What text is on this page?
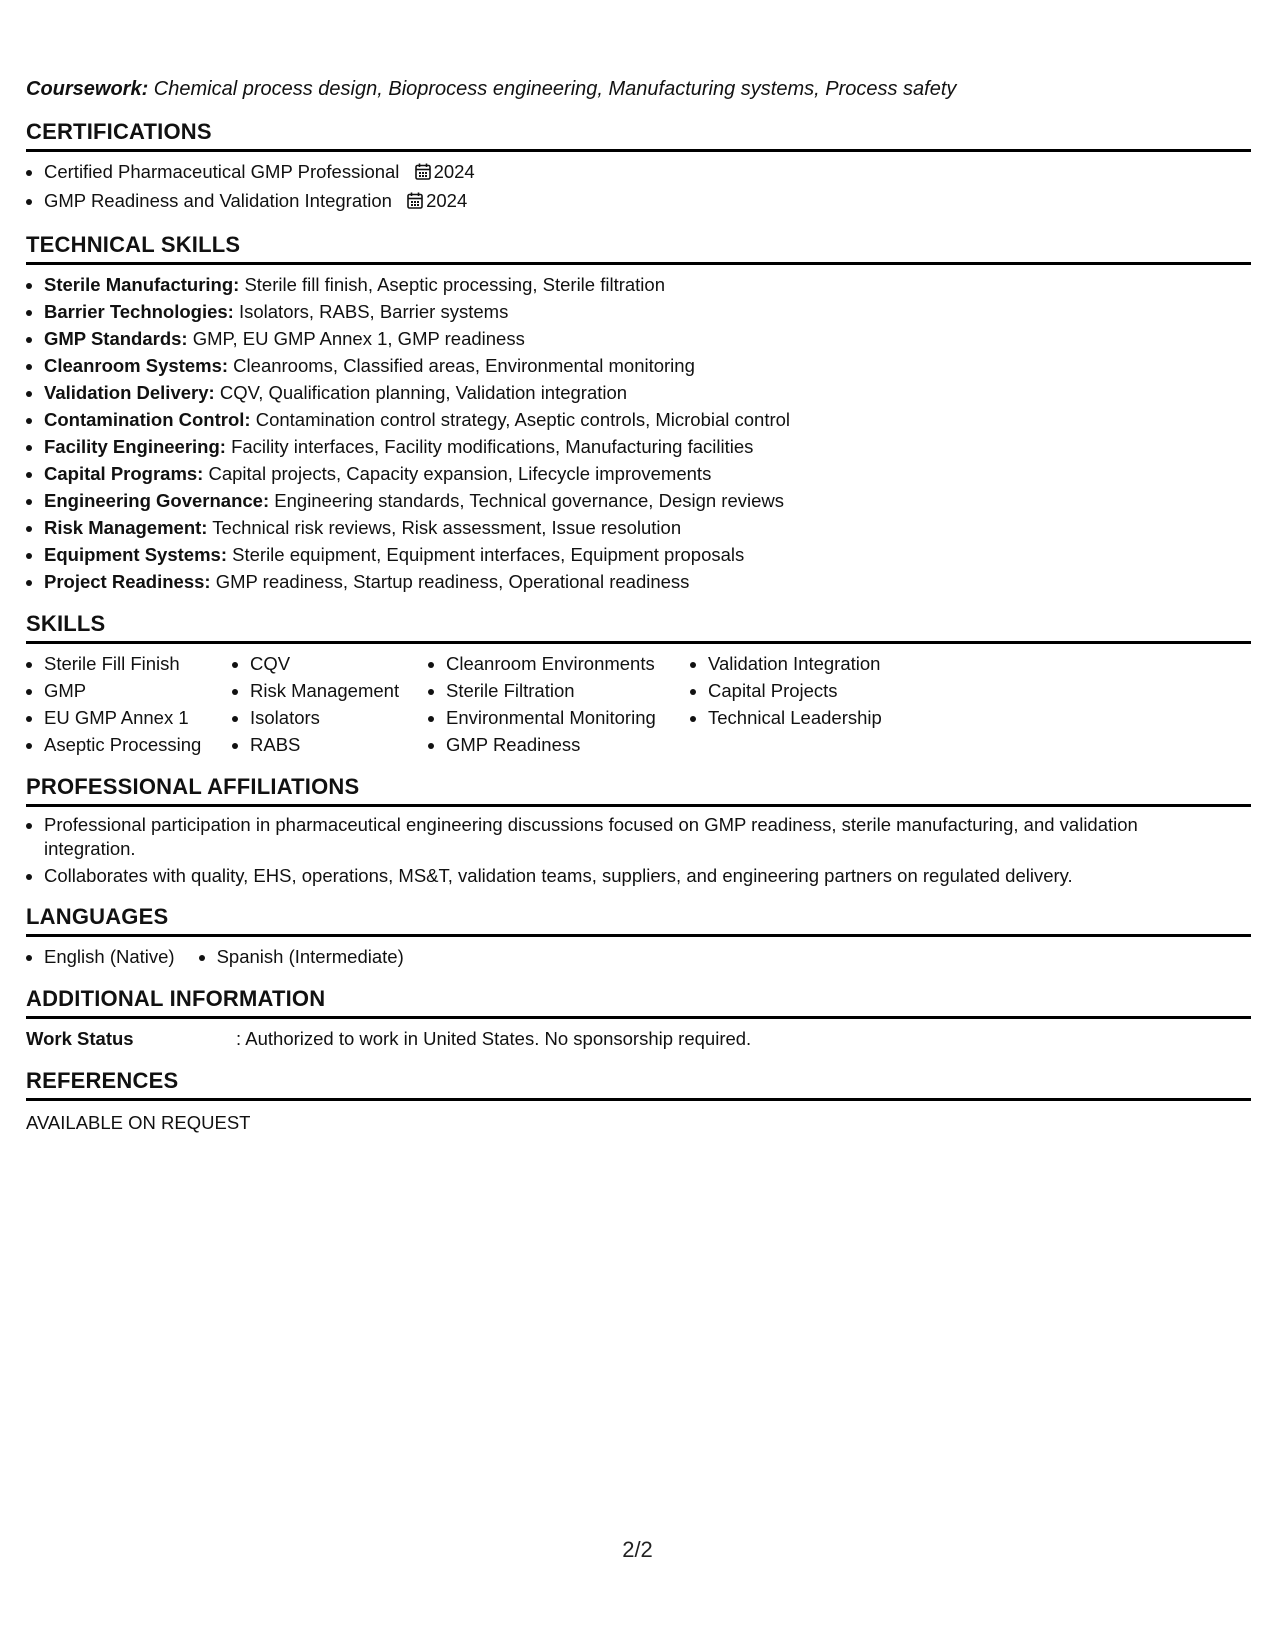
Coursework: Chemical process design, Bioprocess engineering, Manufacturing systems, Process safety

CERTIFICATIONS
• Certified Pharmaceutical GMP Professional 2024
• GMP Readiness and Validation Integration 2024
TECHNICAL SKILLS
• Sterile Manufacturing: Sterile fill finish, Aseptic processing, Sterile filtration
• Barrier Technologies: Isolators, RABS, Barrier systems
• GMP Standards: GMP, EU GMP Annex 1, GMP readiness
• Cleanroom Systems: Cleanrooms, Classified areas, Environmental monitoring
• Validation Delivery: CQV, Qualification planning, Validation integration
• Contamination Control: Contamination control strategy, Aseptic controls, Microbial control
• Facility Engineering: Facility interfaces, Facility modifications, Manufacturing facilities
• Capital Programs: Capital projects, Capacity expansion, Lifecycle improvements
• Engineering Governance: Engineering standards, Technical governance, Design reviews
• Risk Management: Technical risk reviews, Risk assessment, Issue resolution
• Equipment Systems: Sterile equipment, Equipment interfaces, Equipment proposals
• Project Readiness: GMP readiness, Startup readiness, Operational readiness
SKILLS
• Sterile Fill Finish
• GMP
• EU GMP Annex 1
• Aseptic Processing
• CQV
• Risk Management
• Isolators
• RABS
• Cleanroom Environments
• Sterile Filtration
• Environmental Monitoring
• GMP Readiness
• Validation Integration
• Capital Projects
• Technical Leadership
PROFESSIONAL AFFILIATIONS
• Professional participation in pharmaceutical engineering discussions focused on GMP readiness, sterile manufacturing, and validation integration.
• Collaborates with quality, EHS, operations, MS&T, validation teams, suppliers, and engineering partners on regulated delivery.
LANGUAGES
• English (Native)
• Spanish (Intermediate)
ADDITIONAL INFORMATION
Work Status	: Authorized to work in United States. No sponsorship required.
REFERENCES
AVAILABLE ON REQUEST
2/2
